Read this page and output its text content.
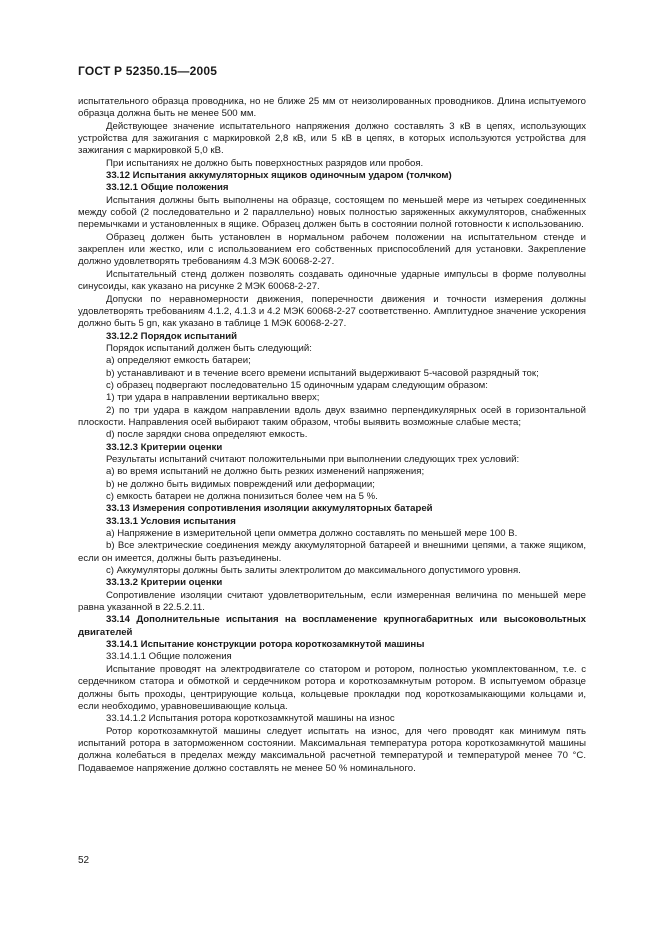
ГОСТ Р 52350.15—2005

испытательного образца проводника, но не ближе 25 мм от неизолированных проводников. Длина испытуемого образца должна быть не менее 500 мм.

Действующее значение испытательного напряжения должно составлять 3 кВ в цепях, использующих устройства для зажигания с маркировкой 2,8 кВ, или 5 кВ в цепях, в которых используются устройства для зажигания с маркировкой 5,0 кВ.

При испытаниях не должно быть поверхностных разрядов или пробоя.

33.12 Испытания аккумуляторных ящиков одиночным ударом (толчком)

33.12.1 Общие положения

Испытания должны быть выполнены на образце, состоящем по меньшей мере из четырех соединенных между собой (2 последовательно и 2 параллельно) новых полностью заряженных аккумуляторов, снабженных перемычками и установленных в ящике. Образец должен быть в состоянии полной готовности к использованию.

Образец должен быть установлен в нормальном рабочем положении на испытательном стенде и закреплен или жестко, или с использованием его собственных приспособлений для установки. Закрепление должно удовлетворять требованиям 4.3 МЭК 60068-2-27.

Испытательный стенд должен позволять создавать одиночные ударные импульсы в форме полуволны синусоиды, как указано на рисунке 2 МЭК 60068-2-27.

Допуски по неравномерности движения, поперечности движения и точности измерения должны удовлетворять требованиям 4.1.2, 4.1.3 и 4.2 МЭК 60068-2-27 соответственно. Амплитудное значение ускорения должно быть 5 gn, как указано в таблице 1 МЭК 60068-2-27.

33.12.2 Порядок испытаний

Порядок испытаний должен быть следующий:

a) определяют емкость батареи;

b) устанавливают и в течение всего времени испытаний выдерживают 5-часовой разрядный ток;

c) образец подвергают последовательно 15 одиночным ударам следующим образом:

1) три удара в направлении вертикально вверх;

2) по три удара в каждом направлении вдоль двух взаимно перпендикулярных осей в горизонтальной плоскости. Направления осей выбирают таким образом, чтобы выявить возможные слабые места;

d) после зарядки снова определяют емкость.

33.12.3 Критерии оценки

Результаты испытаний считают положительными при выполнении следующих трех условий:

a) во время испытаний не должно быть резких изменений напряжения;

b) не должно быть видимых повреждений или деформации;

c) емкость батареи не должна понизиться более чем на 5 %.

33.13 Измерения сопротивления изоляции аккумуляторных батарей

33.13.1 Условия испытания

a) Напряжение в измерительной цепи омметра должно составлять по меньшей мере 100 В.

b) Все электрические соединения между аккумуляторной батареей и внешними цепями, а также ящиком, если он имеется, должны быть разъединены.

c) Аккумуляторы должны быть залиты электролитом до максимального допустимого уровня.

33.13.2 Критерии оценки

Сопротивление изоляции считают удовлетворительным, если измеренная величина по меньшей мере равна указанной в 22.5.2.11.

33.14 Дополнительные испытания на воспламенение крупногабаритных или высоковольтных двигателей

33.14.1 Испытание конструкции ротора короткозамкнутой машины

33.14.1.1 Общие положения

Испытание проводят на электродвигателе со статором и ротором, полностью укомплектованном, т.е. с сердечником статора и обмоткой и сердечником ротора и короткозамкнутым ротором. В испытуемом образце должны быть проходы, центрирующие кольца, кольцевые прокладки под короткозамыкающими кольцами и, если необходимо, уравновешивающие кольца.

33.14.1.2 Испытания ротора короткозамкнутой машины на износ

Ротор короткозамкнутой машины следует испытать на износ, для чего проводят как минимум пять испытаний ротора в заторможенном состоянии. Максимальная температура ротора короткозамкнутой машины должна колебаться в пределах между максимальной расчетной температурой и температурой менее 70 °С. Подаваемое напряжение должно составлять не менее 50 % номинального.

52
